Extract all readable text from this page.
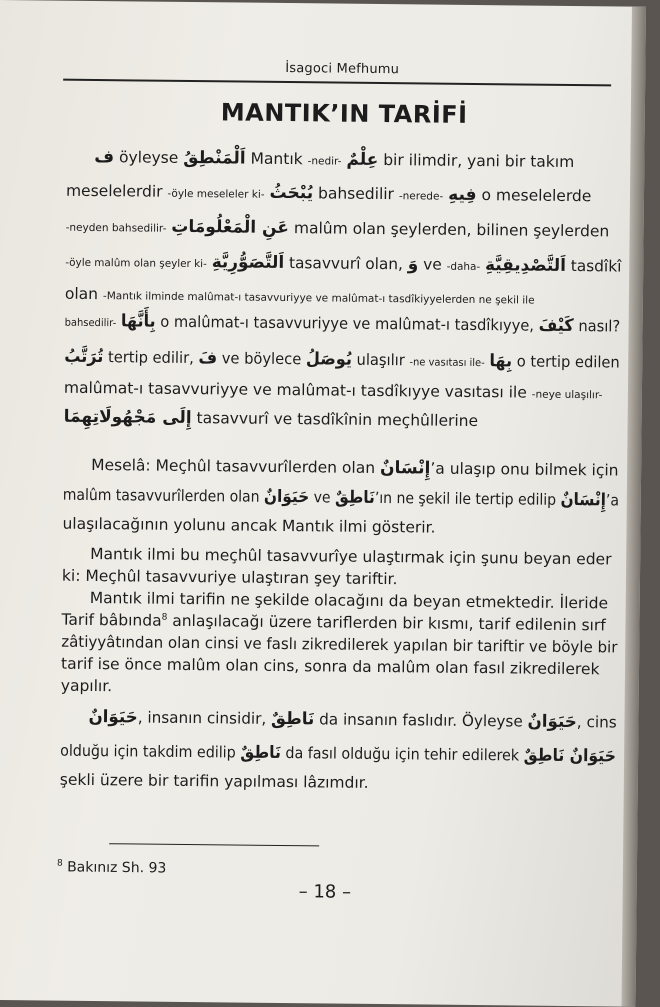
İsagoci Mefhumu
MANTIK’IN TARİFİ
ف öyleyse اَلْمَنْطِقُ Mantık -nedir- عِلْمٌ bir ilimdir, yani bir takım
meselelerdir -öyle meseleler ki- يُبْحَثُ bahsedilir -nerede- فِيهِ o meselelerde
-neyden bahsedilir- عَنِ الْمَعْلُومَاتِ malûm olan şeylerden, bilinen şeylerden
-öyle malûm olan şeyler ki- اَلتَّصَوُّرِيَّةِ tasavvurî olan, وَ ve -daha- اَلتَّصْدِيقِيَّةِ tasdîkî
olan -Mantık ilminde malûmat-ı tasavvuriyye ve malûmat-ı tasdîkiyyelerden ne şekil ile
bahsedilir- بِأَنَّهَا o malûmat-ı tasavvuriyye ve malûmat-ı tasdîkıyye, كَيْفَ nasıl?
تُرَتَّبُ tertip edilir, فَ ve böylece يُوصَلُ ulaşılır -ne vasıtası ile- بِهَا o tertip edilen
malûmat-ı tasavvuriyye ve malûmat-ı tasdîkıyye vasıtası ile -neye ulaşılır-
إِلَى مَجْهُولَاتِهِمَا tasavvurî ve tasdîkînin meçhûllerine
Meselâ: Meçhûl tasavvurîlerden olan إِنْسَانٌ’a ulaşıp onu bilmek için
malûm tasavvurîlerden olan حَيَوَانٌ ve نَاطِقٌ’ın ne şekil ile tertip edilip إِنْسَانٌ’a
ulaşılacağının yolunu ancak Mantık ilmi gösterir.
Mantık ilmi bu meçhûl tasavvurîye ulaştırmak için şunu beyan eder
ki: Meçhûl tasavvuriye ulaştıran şey tariftir.
Mantık ilmi tarifin ne şekilde olacağını da beyan etmektedir. İleride
Tarif bâbında$^8$ anlaşılacağı üzere tariflerden bir kısmı, tarif edilenin sırf
zâtiyyâtından olan cinsi ve faslı zikredilerek yapılan bir tariftir ve böyle bir
tarif ise önce malûm olan cins, sonra da malûm olan fasıl zikredilerek
yapılır.
حَيَوَانٌ, insanın cinsidir, نَاطِقٌ da insanın faslıdır. Öyleyse حَيَوَانٌ, cins
olduğu için takdim edilip نَاطِقٌ da fasıl olduğu için tehir edilerek حَيَوَانٌ نَاطِقٌ
şekli üzere bir tarifin yapılması lâzımdır.
$^8$ Bakınız Sh. 93
– 18 –
